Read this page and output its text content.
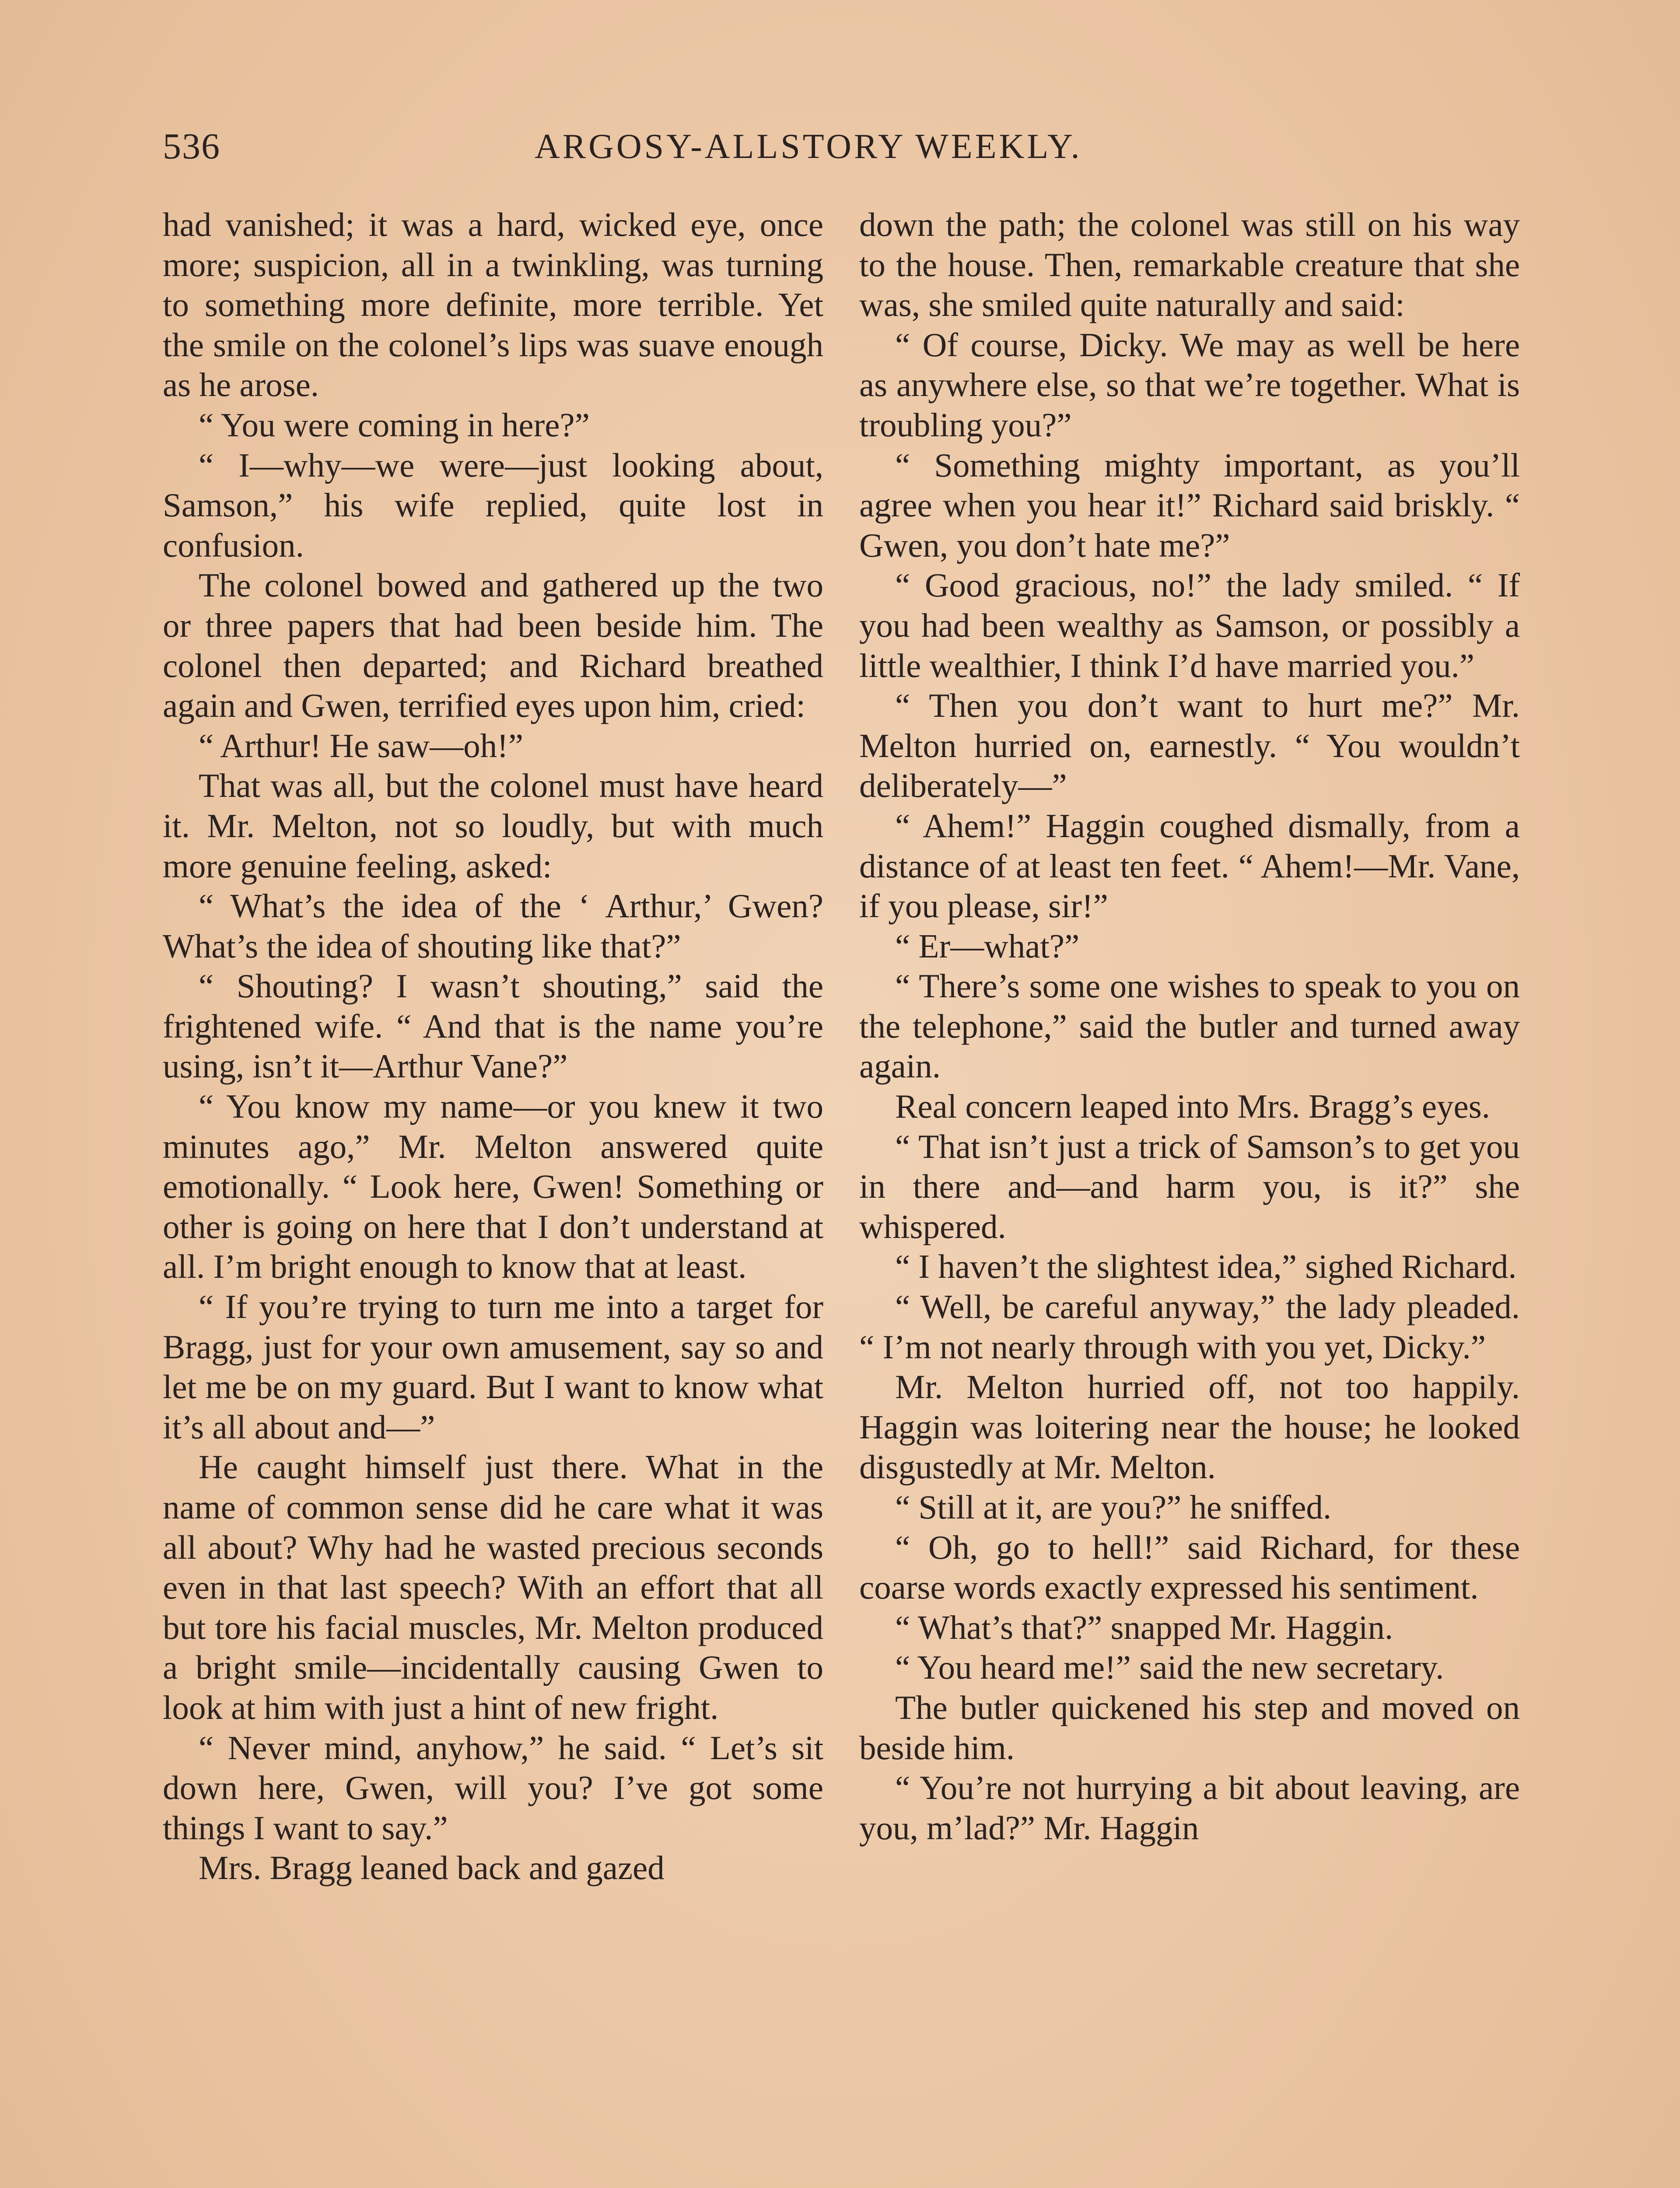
536	ARGOSY-ALLSTORY WEEKLY.

had vanished; it was a hard, wicked eye, once more; suspicion, all in a twinkling, was turning to something more definite, more terrible. Yet the smile on the colonel’s lips was suave enough as he arose.

“ You were coming in here?”

“ I—why—we were—just looking about, Samson,” his wife replied, quite lost in confusion.

The colonel bowed and gathered up the two or three papers that had been beside him. The colonel then departed; and Richard breathed again and Gwen, terrified eyes upon him, cried:

“ Arthur! He saw—oh!”

That was all, but the colonel must have heard it. Mr. Melton, not so loudly, but with much more genuine feeling, asked:

“ What’s the idea of the ‘ Arthur,’ Gwen? What’s the idea of shouting like that?”

“ Shouting? I wasn’t shouting,” said the frightened wife. “ And that is the name you’re using, isn’t it—Arthur Vane?”

“ You know my name—or you knew it two minutes ago,” Mr. Melton answered quite emotionally. “ Look here, Gwen! Something or other is going on here that I don’t understand at all. I’m bright enough to know that at least.

“ If you’re trying to turn me into a target for Bragg, just for your own amusement, say so and let me be on my guard. But I want to know what it’s all about and—”

He caught himself just there. What in the name of common sense did he care what it was all about? Why had he wasted precious seconds even in that last speech? With an effort that all but tore his facial muscles, Mr. Melton produced a bright smile—incidentally causing Gwen to look at him with just a hint of new fright.

“ Never mind, anyhow,” he said. “ Let’s sit down here, Gwen, will you? I’ve got some things I want to say.”

Mrs. Bragg leaned back and gazed

down the path; the colonel was still on his way to the house. Then, remarkable creature that she was, she smiled quite naturally and said:

“ Of course, Dicky. We may as well be here as anywhere else, so that we’re together. What is troubling you?”

“ Something mighty important, as you’ll agree when you hear it!” Richard said briskly. “ Gwen, you don’t hate me?”

“ Good gracious, no!” the lady smiled. “ If you had been wealthy as Samson, or possibly a little wealthier, I think I’d have married you.”

“ Then you don’t want to hurt me?” Mr. Melton hurried on, earnestly. “ You wouldn’t deliberately—”

“ Ahem!” Haggin coughed dismally, from a distance of at least ten feet. “ Ahem!—Mr. Vane, if you please, sir!”

“ Er—what?”

“ There’s some one wishes to speak to you on the telephone,” said the butler and turned away again.

Real concern leaped into Mrs. Bragg’s eyes.

“ That isn’t just a trick of Samson’s to get you in there and—and harm you, is it?” she whispered.

“ I haven’t the slightest idea,” sighed Richard.

“ Well, be careful anyway,” the lady pleaded. “ I’m not nearly through with you yet, Dicky.”

Mr. Melton hurried off, not too happily. Haggin was loitering near the house; he looked disgustedly at Mr. Melton.

“ Still at it, are you?” he sniffed.

“ Oh, go to hell!” said Richard, for these coarse words exactly expressed his sentiment.

“ What’s that?” snapped Mr. Haggin.

“ You heard me!” said the new secretary.

The butler quickened his step and moved on beside him.

“ You’re not hurrying a bit about leaving, are you, m’lad?” Mr. Haggin
